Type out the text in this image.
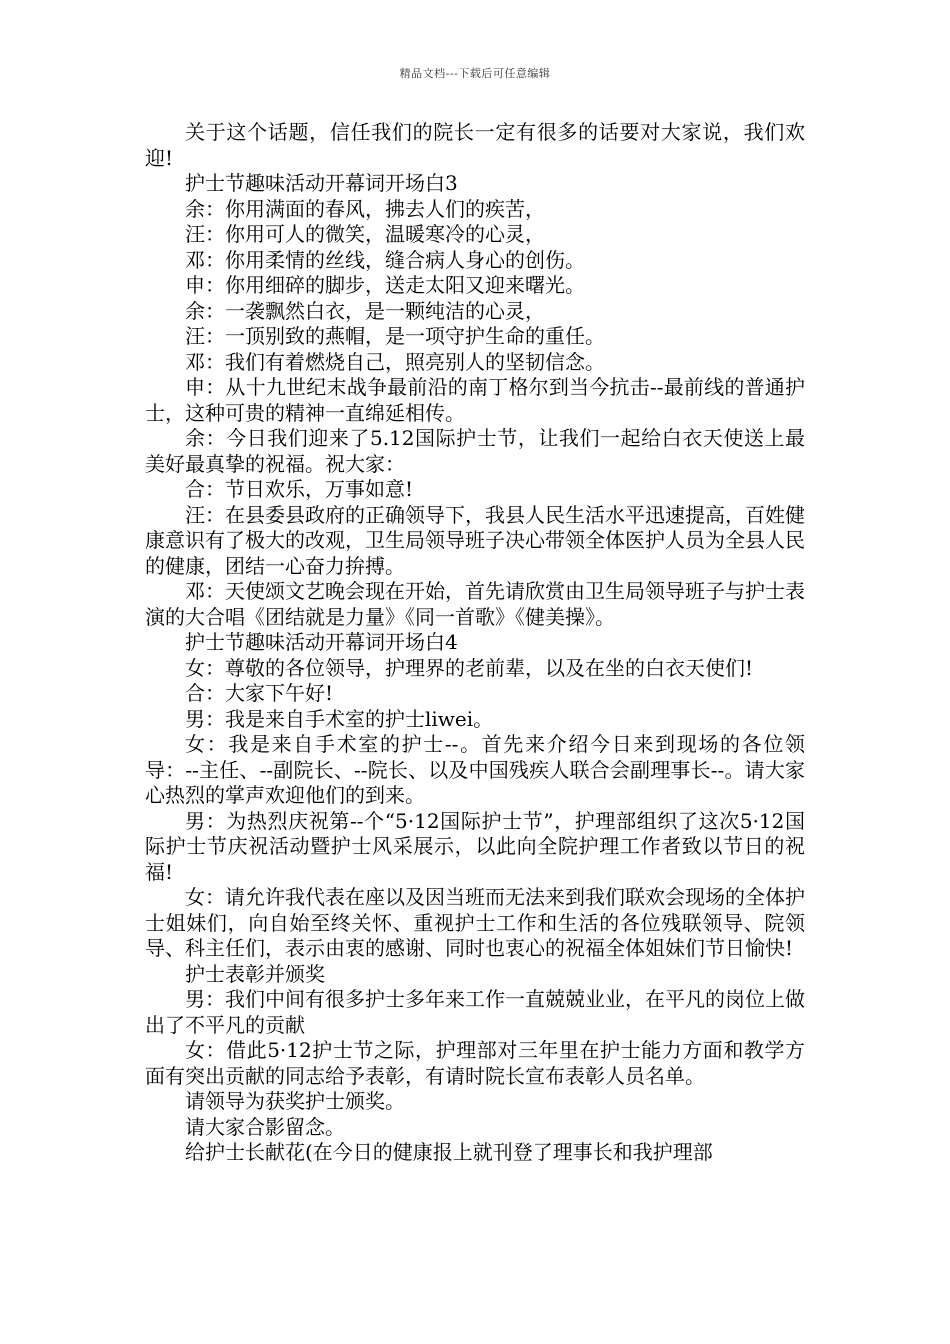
精品文档---下载后可任意编辑

关于这个话题，信任我们的院长一定有很多的话要对大家说，我们欢迎!

护士节趣味活动开幕词开场白3

余：你用满面的春风，拂去人们的疾苦，

汪：你用可人的微笑，温暖寒冷的心灵，

邓：你用柔情的丝线，缝合病人身心的创伤。

申：你用细碎的脚步，送走太阳又迎来曙光。

余：一袭飘然白衣，是一颗纯洁的心灵，

汪：一顶别致的燕帽，是一项守护生命的重任。

邓：我们有着燃烧自己，照亮别人的坚韧信念。

申：从十九世纪末战争最前沿的南丁格尔到当今抗击--最前线的普通护士，这种可贵的精神一直绵延相传。

余：今日我们迎来了5.12国际护士节，让我们一起给白衣天使送上最美好最真挚的祝福。祝大家：

合：节日欢乐，万事如意!

汪：在县委县政府的正确领导下，我县人民生活水平迅速提高，百姓健康意识有了极大的改观，卫生局领导班子决心带领全体医护人员为全县人民的健康，团结一心奋力拚搏。

邓：天使颂文艺晚会现在开始，首先请欣赏由卫生局领导班子与护士表演的大合唱《团结就是力量》《同一首歌》《健美操》。

护士节趣味活动开幕词开场白4

女：尊敬的各位领导，护理界的老前辈，以及在坐的白衣天使们!

合：大家下午好!

男：我是来自手术室的护士liwei。

女：我是来自手术室的护士--。首先来介绍今日来到现场的各位领导：--主任、--副院长、--院长、以及中国残疾人联合会副理事长--。请大家心热烈的掌声欢迎他们的到来。

男：为热烈庆祝第--个“5·12国际护士节”，护理部组织了这次5·12国际护士节庆祝活动暨护士风采展示，以此向全院护理工作者致以节日的祝福!

女：请允许我代表在座以及因当班而无法来到我们联欢会现场的全体护士姐妹们，向自始至终关怀、重视护士工作和生活的各位残联领导、院领导、科主任们，表示由衷的感谢、同时也衷心的祝福全体姐妹们节日愉快!

护士表彰并颁奖

男：我们中间有很多护士多年来工作一直兢兢业业，在平凡的岗位上做出了不平凡的贡献

女：借此5·12护士节之际，护理部对三年里在护士能力方面和教学方面有突出贡献的同志给予表彰，有请时院长宣布表彰人员名单。

请领导为获奖护士颁奖。

请大家合影留念。

给护士长献花(在今日的健康报上就刊登了理事长和我护理部
